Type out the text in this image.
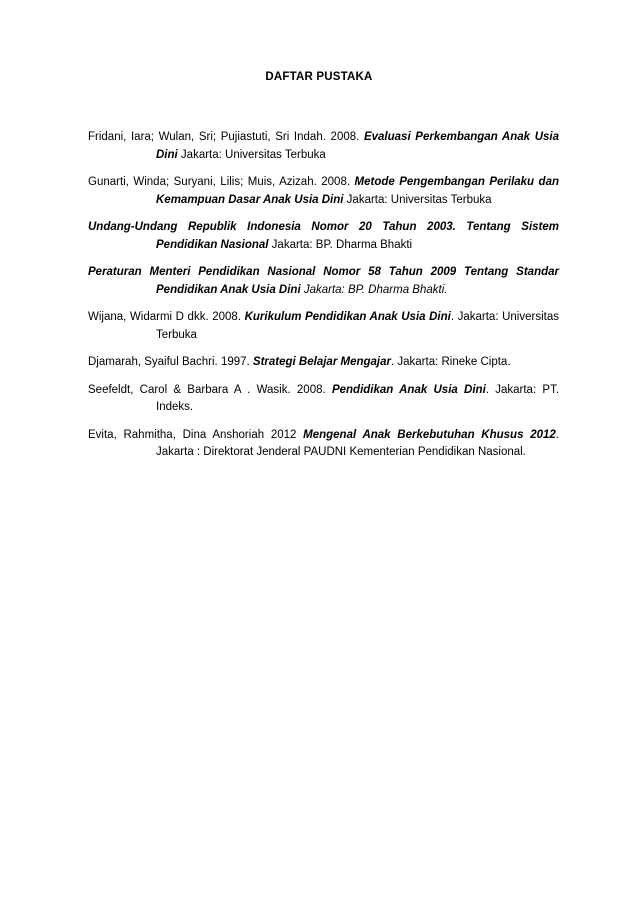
DAFTAR PUSTAKA

Fridani, Iara; Wulan, Sri; Pujiastuti, Sri Indah. 2008. Evaluasi Perkembangan Anak Usia Dini Jakarta: Universitas Terbuka

Gunarti, Winda; Suryani, Lilis; Muis, Azizah. 2008. Metode Pengembangan Perilaku dan Kemampuan Dasar Anak Usia Dini Jakarta: Universitas Terbuka

Undang-Undang Republik Indonesia Nomor 20 Tahun 2003. Tentang Sistem Pendidikan Nasional Jakarta: BP. Dharma Bhakti

Peraturan Menteri Pendidikan Nasional Nomor 58 Tahun 2009 Tentang Standar Pendidikan Anak Usia Dini Jakarta: BP. Dharma Bhakti.

Wijana, Widarmi D dkk. 2008. Kurikulum Pendidikan Anak Usia Dini. Jakarta: Universitas Terbuka

Djamarah, Syaiful Bachri. 1997. Strategi Belajar Mengajar. Jakarta: Rineke Cipta.

Seefeldt, Carol & Barbara A . Wasik. 2008. Pendidikan Anak Usia Dini. Jakarta: PT. Indeks.

Evita, Rahmitha, Dina Anshoriah 2012 Mengenal Anak Berkebutuhan Khusus 2012. Jakarta : Direktorat Jenderal PAUDNI Kementerian Pendidikan Nasional.
